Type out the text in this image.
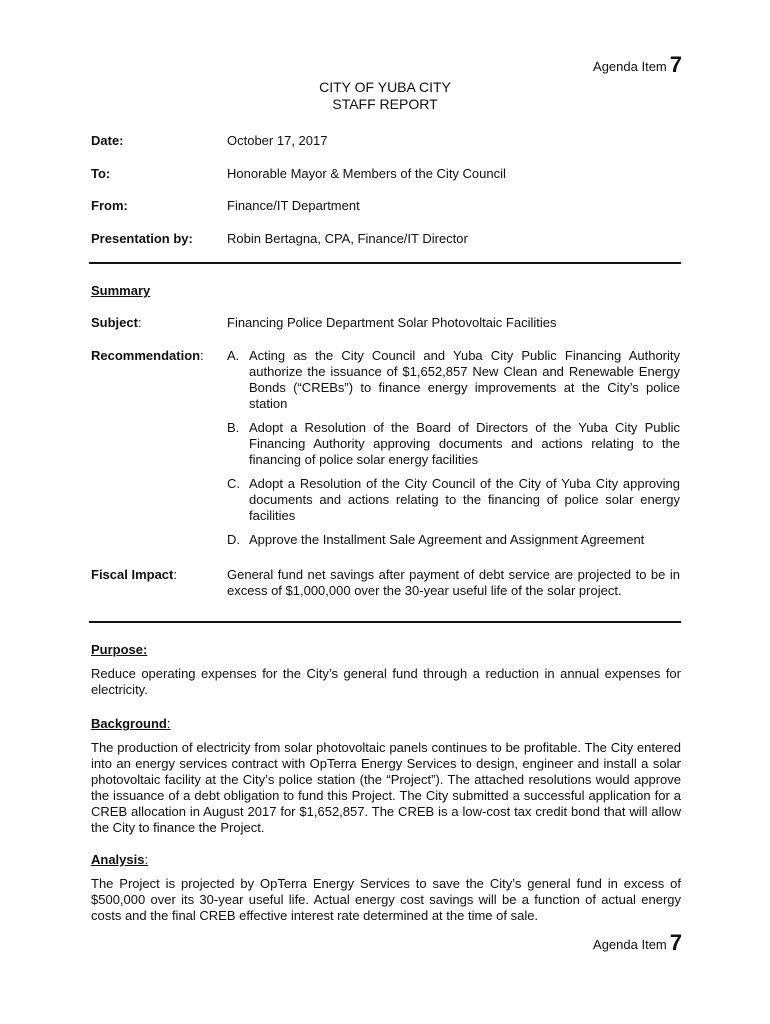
Agenda Item 7
CITY OF YUBA CITY
STAFF REPORT
Date:	October 17, 2017
To:	Honorable Mayor & Members of the City Council
From:	Finance/IT Department
Presentation by:	Robin Bertagna, CPA, Finance/IT Director
Summary
Subject:	Financing Police Department Solar Photovoltaic Facilities
Recommendation: A. Acting as the City Council and Yuba City Public Financing Authority authorize the issuance of $1,652,857 New Clean and Renewable Energy Bonds (“CREBs”) to finance energy improvements at the City’s police station
B. Adopt a Resolution of the Board of Directors of the Yuba City Public Financing Authority approving documents and actions relating to the financing of police solar energy facilities
C. Adopt a Resolution of the City Council of the City of Yuba City approving documents and actions relating to the financing of police solar energy facilities
D. Approve the Installment Sale Agreement and Assignment Agreement
Fiscal Impact:	General fund net savings after payment of debt service are projected to be in excess of $1,000,000 over the 30-year useful life of the solar project.
Purpose:
Reduce operating expenses for the City’s general fund through a reduction in annual expenses for electricity.
Background:
The production of electricity from solar photovoltaic panels continues to be profitable. The City entered into an energy services contract with OpTerra Energy Services to design, engineer and install a solar photovoltaic facility at the City’s police station (the “Project”). The attached resolutions would approve the issuance of a debt obligation to fund this Project. The City submitted a successful application for a CREB allocation in August 2017 for $1,652,857. The CREB is a low-cost tax credit bond that will allow the City to finance the Project.
Analysis:
The Project is projected by OpTerra Energy Services to save the City’s general fund in excess of $500,000 over its 30-year useful life. Actual energy cost savings will be a function of actual energy costs and the final CREB effective interest rate determined at the time of sale.
Agenda Item 7
